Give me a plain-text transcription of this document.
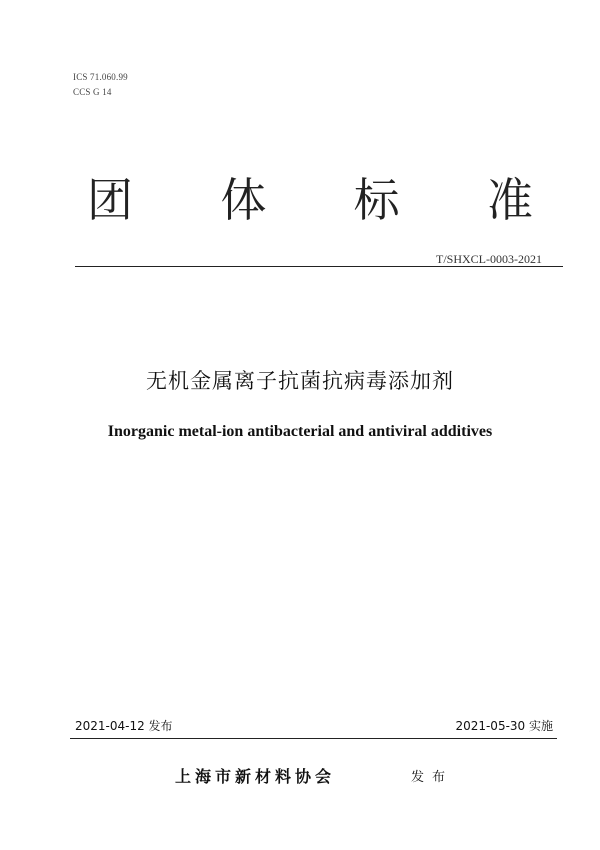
ICS 71.060.99
CCS G 14
团 体 标 准
T/SHXCL-0003-2021
无机金属离子抗菌抗病毒添加剂
Inorganic metal-ion antibacterial and antiviral additives
2021-04-12 发布	2021-05-30 实施
上海市新材料协会	发布
